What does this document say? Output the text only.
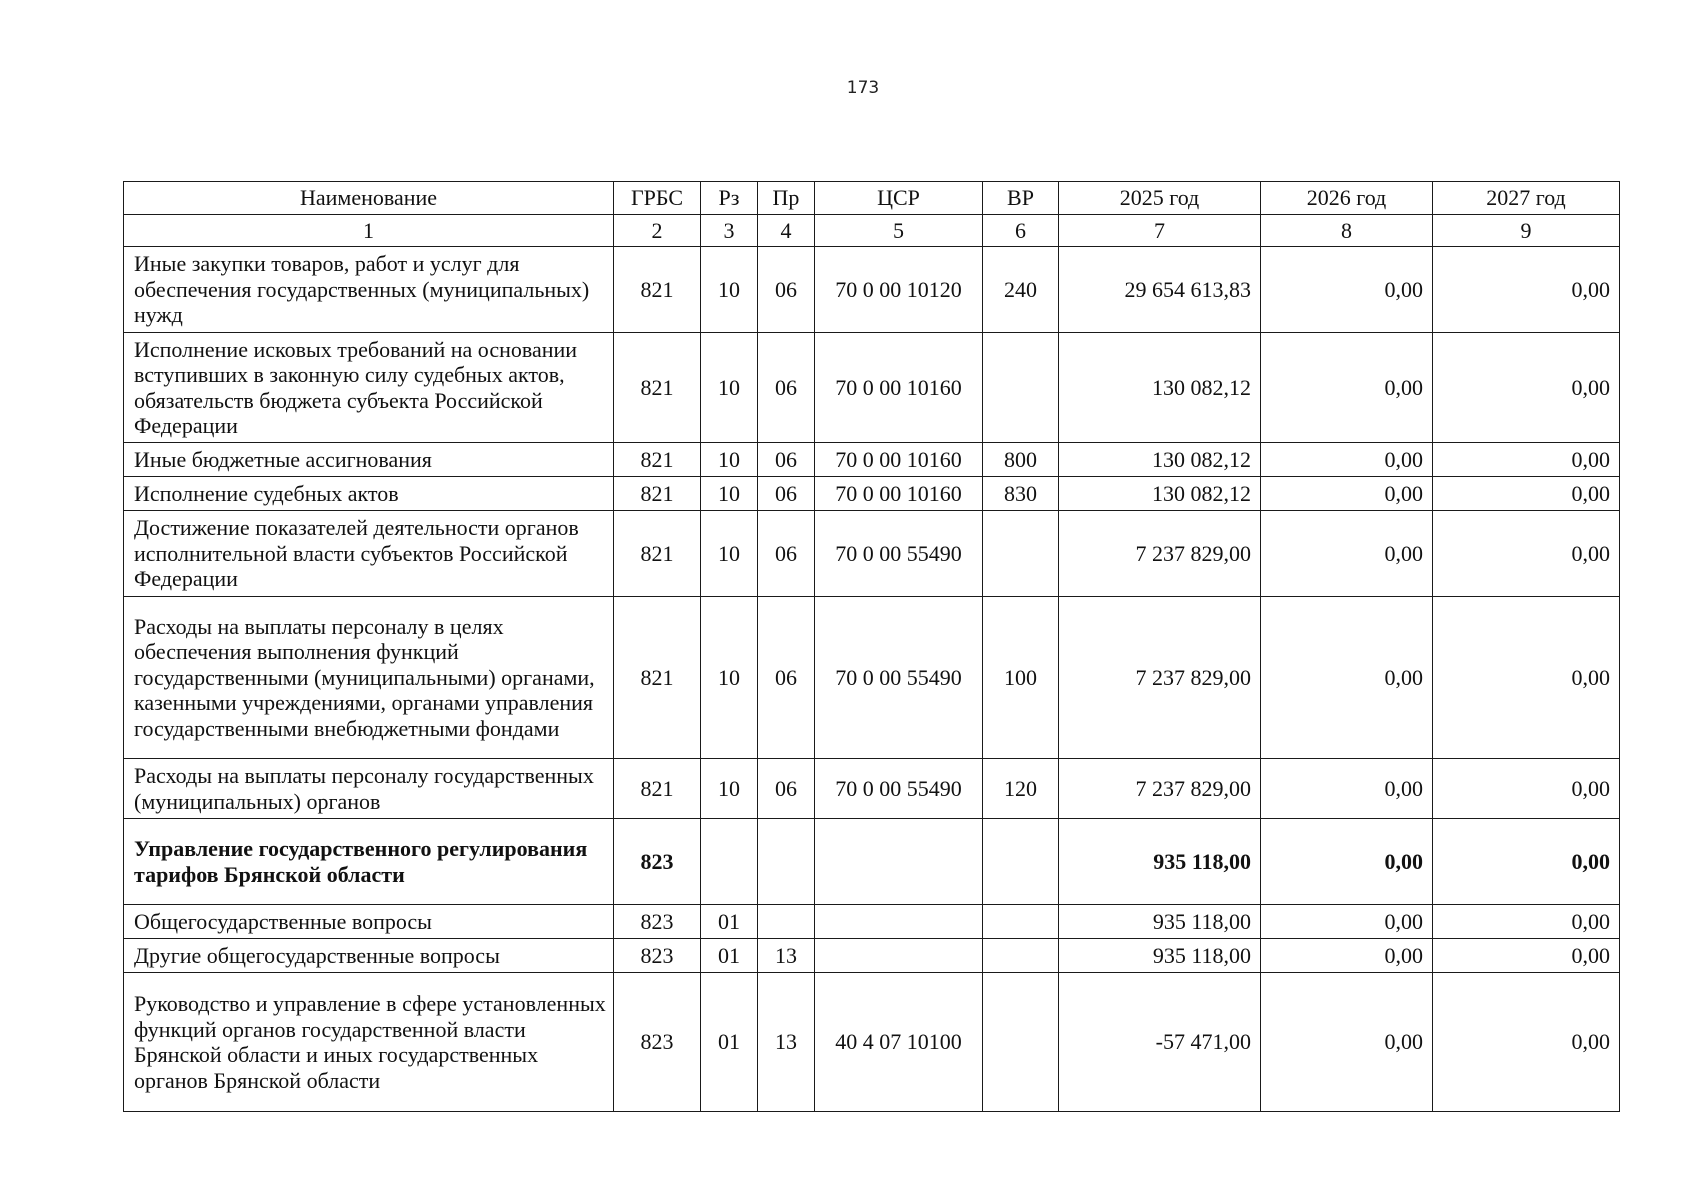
173
Наименование	ГРБС	Рз	Пр	ЦСР	ВР	2025 год	2026 год	2027 год
1	2	3	4	5	6	7	8	9
Иные закупки товаров, работ и услуг для обеспечения государственных (муниципальных) нужд	821	10	06	70 0 00 10120	240	29 654 613,83	0,00	0,00
Исполнение исковых требований на основании вступивших в законную силу судебных актов, обязательств бюджета субъекта Российской Федерации	821	10	06	70 0 00 10160		130 082,12	0,00	0,00
Иные бюджетные ассигнования	821	10	06	70 0 00 10160	800	130 082,12	0,00	0,00
Исполнение судебных актов	821	10	06	70 0 00 10160	830	130 082,12	0,00	0,00
Достижение показателей деятельности органов исполнительной власти субъектов Российской Федерации	821	10	06	70 0 00 55490		7 237 829,00	0,00	0,00
Расходы на выплаты персоналу в целях обеспечения выполнения функций государственными (муниципальными) органами, казенными учреждениями, органами управления государственными внебюджетными фондами	821	10	06	70 0 00 55490	100	7 237 829,00	0,00	0,00
Расходы на выплаты персоналу государственных (муниципальных) органов	821	10	06	70 0 00 55490	120	7 237 829,00	0,00	0,00
Управление государственного регулирования тарифов Брянской области	823					935 118,00	0,00	0,00
Общегосударственные вопросы	823	01				935 118,00	0,00	0,00
Другие общегосударственные вопросы	823	01	13			935 118,00	0,00	0,00
Руководство и управление в сфере установленных функций органов государственной власти Брянской области и иных государственных органов Брянской области	823	01	13	40 4 07 10100		-57 471,00	0,00	0,00
